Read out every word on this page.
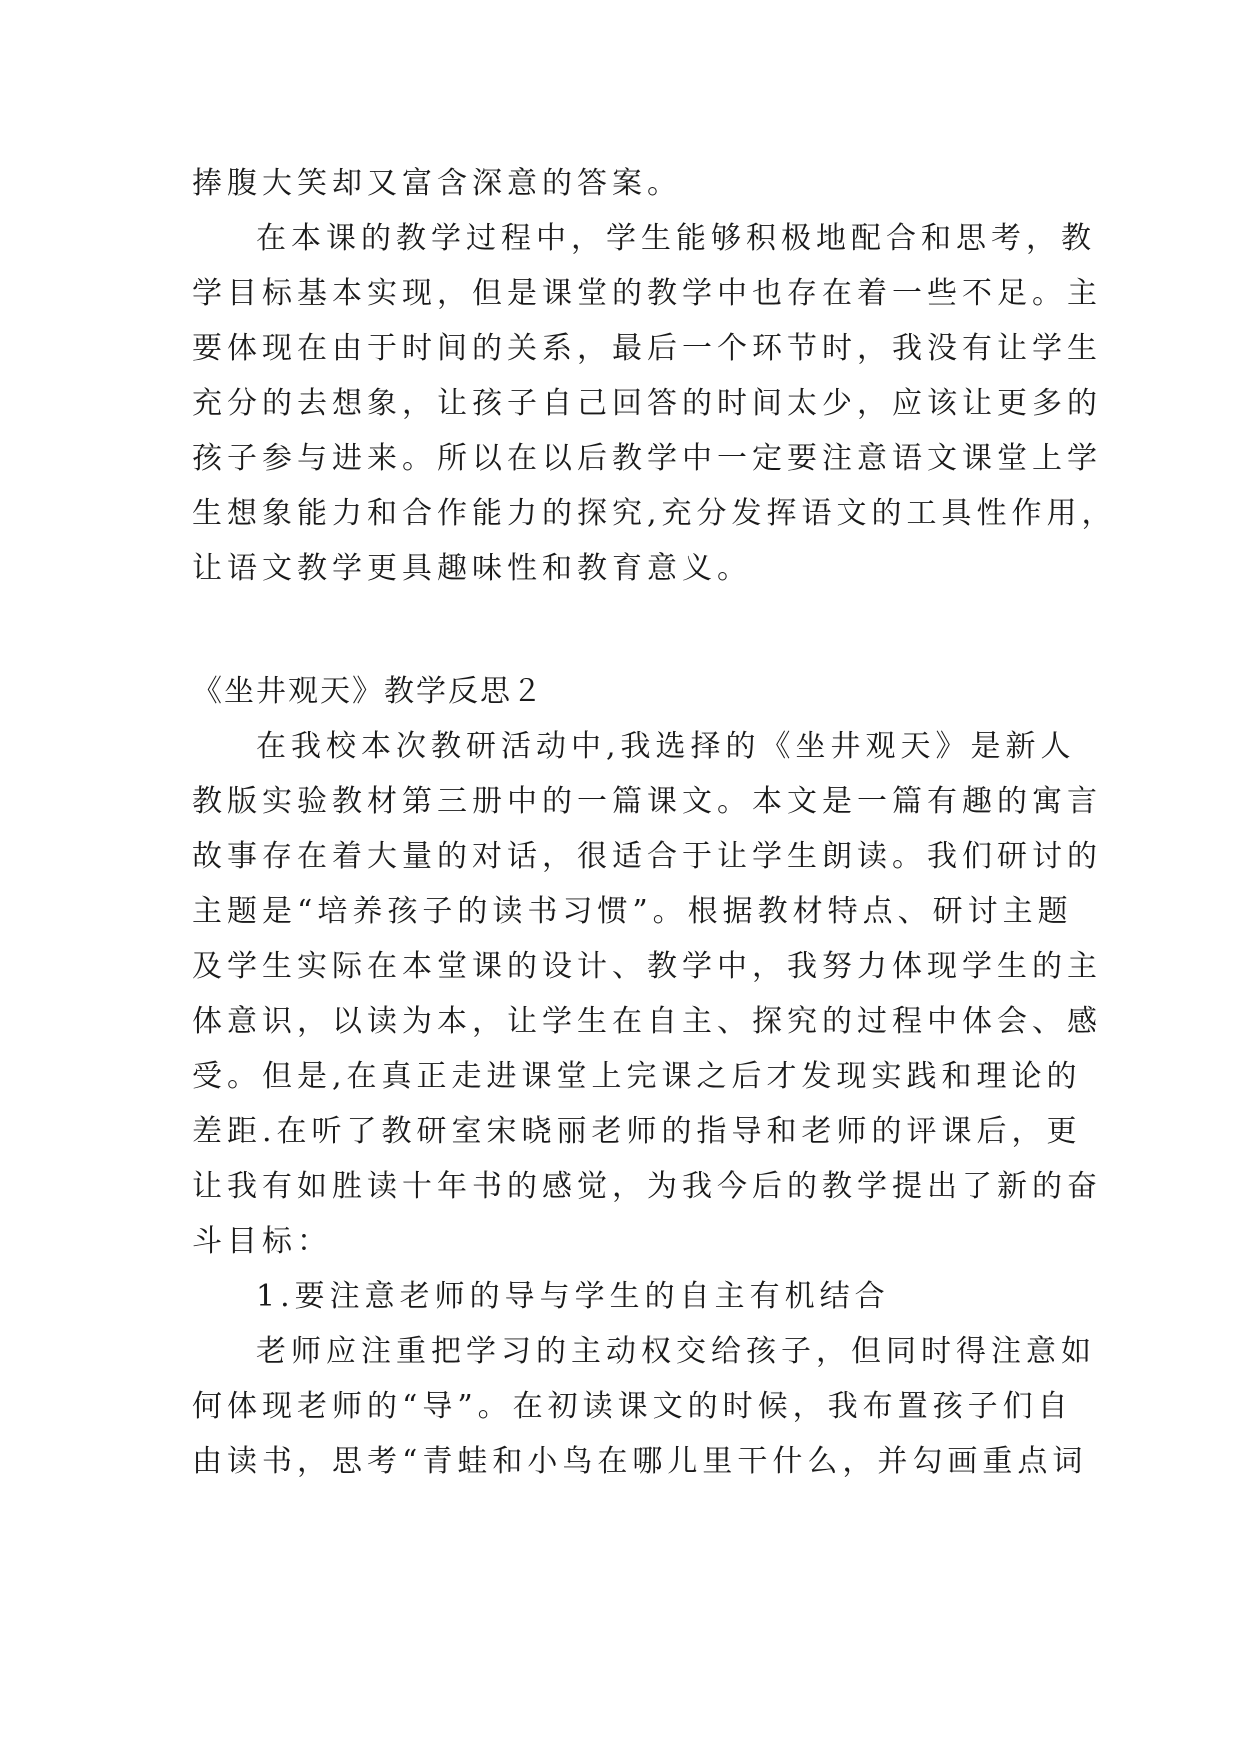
捧腹大笑却又富含深意的答案。
在本课的教学过程中，学生能够积极地配合和思考，教
学目标基本实现，但是课堂的教学中也存在着一些不足。主
要体现在由于时间的关系，最后一个环节时，我没有让学生
充分的去想象，让孩子自己回答的时间太少，应该让更多的
孩子参与进来。所以在以后教学中一定要注意语文课堂上学
生想象能力和合作能力的探究,充分发挥语文的工具性作用，
让语文教学更具趣味性和教育意义。
《坐井观天》教学反思２
在我校本次教研活动中,我选择的《坐井观天》是新人
教版实验教材第三册中的一篇课文。本文是一篇有趣的寓言
故事存在着大量的对话，很适合于让学生朗读。我们研讨的
主题是“培养孩子的读书习惯”。根据教材特点、研讨主题
及学生实际在本堂课的设计、教学中，我努力体现学生的主
体意识，以读为本，让学生在自主、探究的过程中体会、感
受。但是,在真正走进课堂上完课之后才发现实践和理论的
差距.在听了教研室宋晓丽老师的指导和老师的评课后，更
让我有如胜读十年书的感觉，为我今后的教学提出了新的奋
斗目标：
1.要注意老师的导与学生的自主有机结合
老师应注重把学习的主动权交给孩子，但同时得注意如
何体现老师的“导”。在初读课文的时候，我布置孩子们自
由读书，思考“青蛙和小鸟在哪儿里干什么，并勾画重点词
